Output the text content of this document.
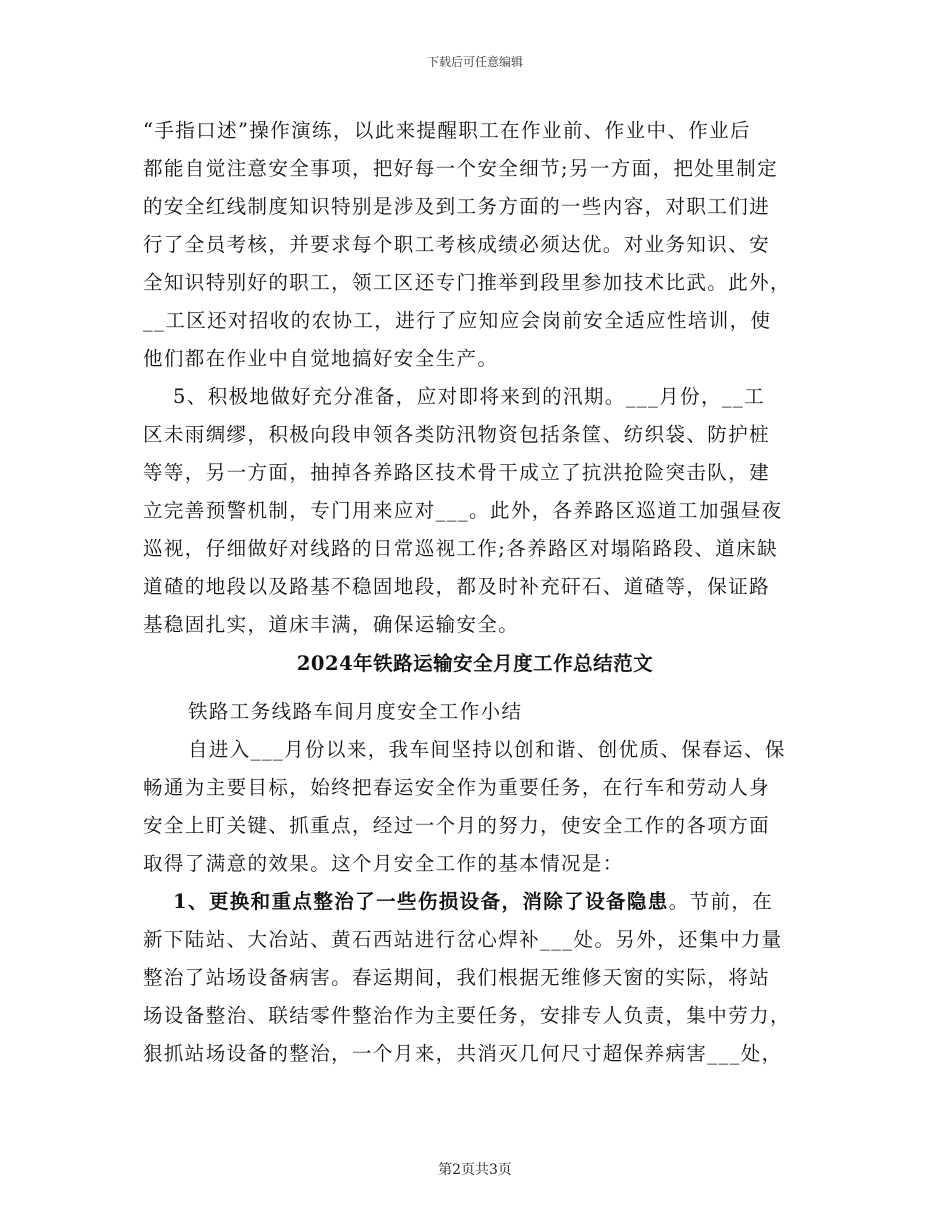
下载后可任意编辑
“手指口述”操作演练，以此来提醒职工在作业前、作业中、作业后
都能自觉注意安全事项，把好每一个安全细节;另一方面，把处里制定
的安全红线制度知识特别是涉及到工务方面的一些内容，对职工们进
行了全员考核，并要求每个职工考核成绩必须达优。对业务知识、安
全知识特别好的职工，领工区还专门推举到段里参加技术比武。此外，
__工区还对招收的农协工，进行了应知应会岗前安全适应性培训，使
他们都在作业中自觉地搞好安全生产。
5、积极地做好充分准备，应对即将来到的汛期。___月份，__工
区未雨绸缪，积极向段申领各类防汛物资包括条筐、纺织袋、防护桩
等等，另一方面，抽掉各养路区技术骨干成立了抗洪抢险突击队，建
立完善预警机制，专门用来应对___。此外，各养路区巡道工加强昼夜
巡视，仔细做好对线路的日常巡视工作;各养路区对塌陷路段、道床缺
道碴的地段以及路基不稳固地段，都及时补充矸石、道碴等，保证路
基稳固扎实，道床丰满，确保运输安全。
2024年铁路运输安全月度工作总结范文
铁路工务线路车间月度安全工作小结
自进入___月份以来，我车间坚持以创和谐、创优质、保春运、保
畅通为主要目标，始终把春运安全作为重要任务，在行车和劳动人身
安全上盯关键、抓重点，经过一个月的努力，使安全工作的各项方面
取得了满意的效果。这个月安全工作的基本情况是：
1、更换和重点整治了一些伤损设备，消除了设备隐患。节前，在
新下陆站、大冶站、黄石西站进行岔心焊补___处。另外，还集中力量
整治了站场设备病害。春运期间，我们根据无维修天窗的实际，将站
场设备整治、联结零件整治作为主要任务，安排专人负责，集中劳力，
狠抓站场设备的整治，一个月来，共消灭几何尺寸超保养病害___处，
第2页共3页
